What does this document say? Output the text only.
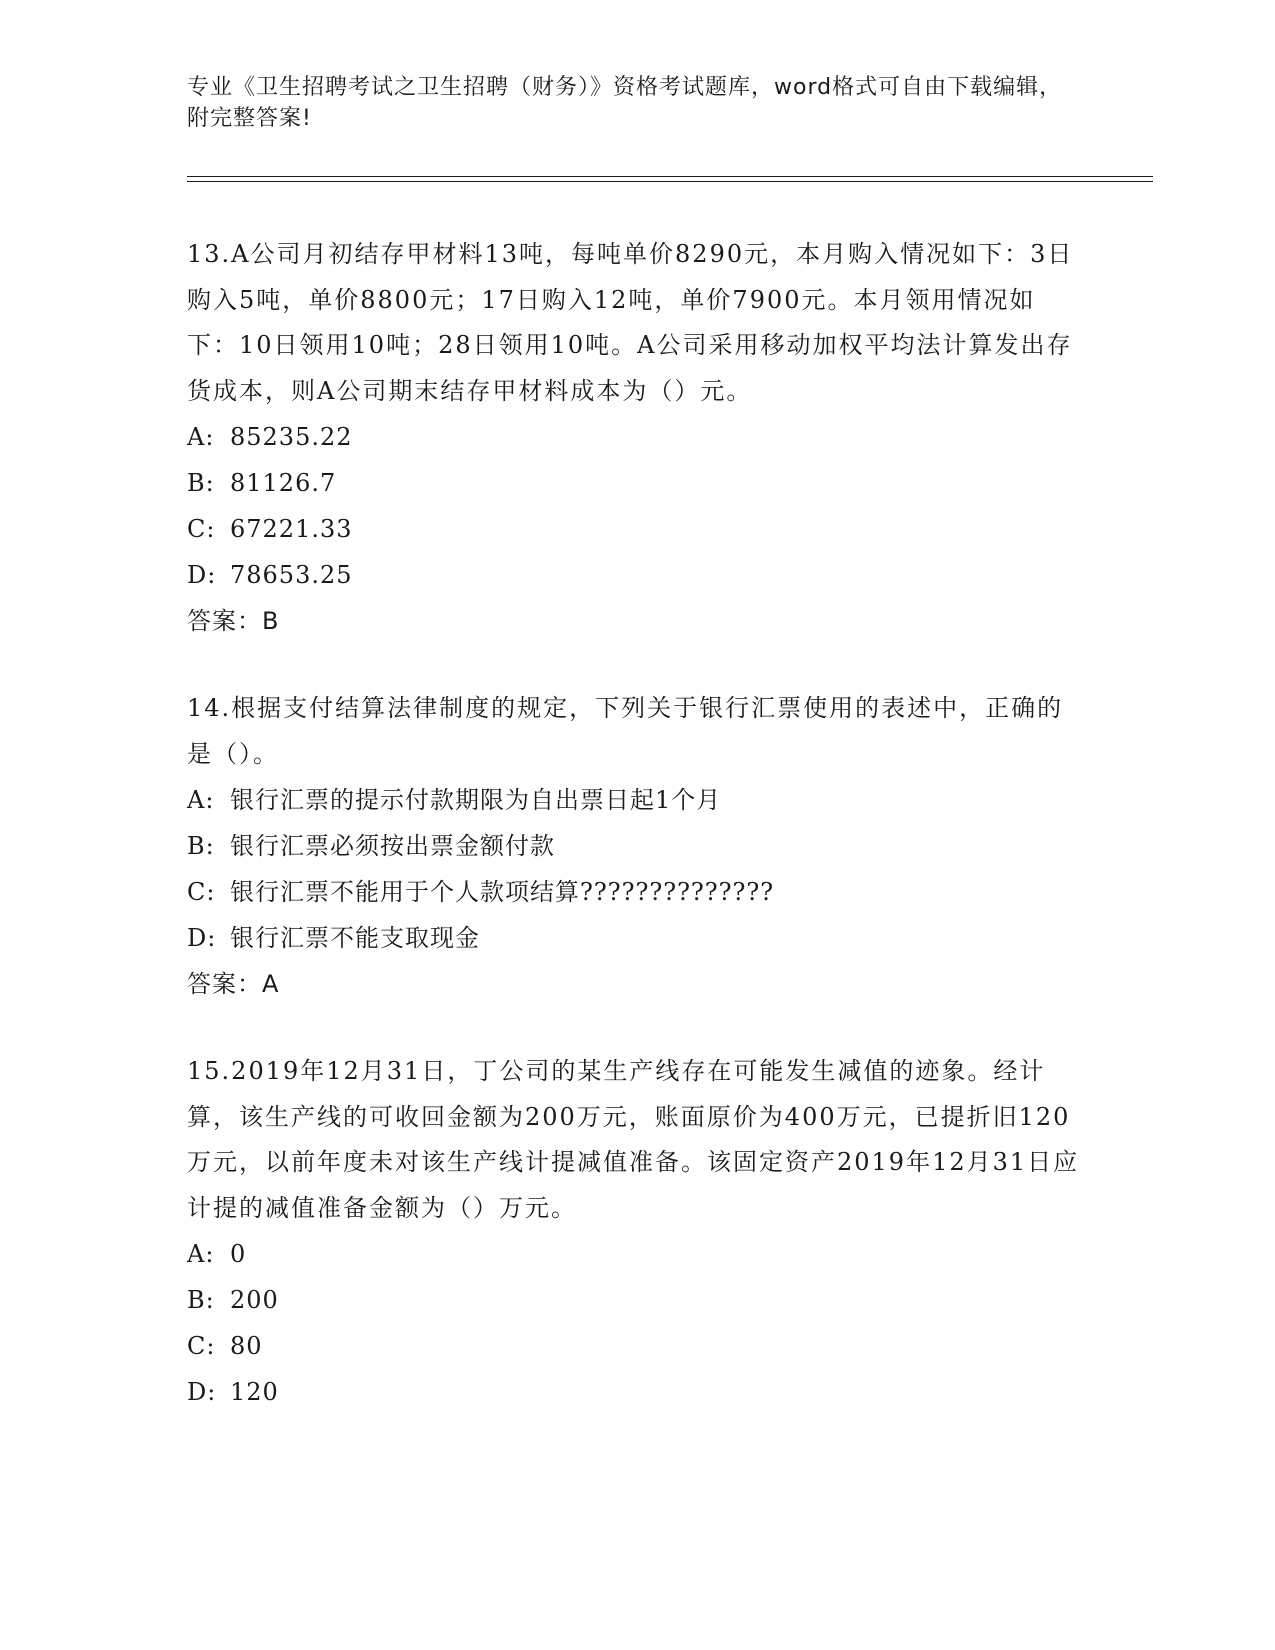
专业《卫生招聘考试之卫生招聘（财务）》资格考试题库，word格式可自由下载编辑，附完整答案!

13.A公司月初结存甲材料13吨，每吨单价8290元，本月购入情况如下：3日购入5吨，单价8800元；17日购入12吨，单价7900元。本月领用情况如下：10日领用10吨；28日领用10吨。A公司采用移动加权平均法计算发出存货成本，则A公司期末结存甲材料成本为（）元。

A: 85235.22

B: 81126.7

C: 67221.33

D: 78653.25

答案：B

14.根据支付结算法律制度的规定，下列关于银行汇票使用的表述中，正确的是（）。

A: 银行汇票的提示付款期限为自出票日起1个月

B: 银行汇票必须按出票金额付款

C: 银行汇票不能用于个人款项结算??????????????

D: 银行汇票不能支取现金

答案：A

15.2019年12月31日，丁公司的某生产线存在可能发生减值的迹象。经计算，该生产线的可收回金额为200万元，账面原价为400万元，已提折旧120万元，以前年度未对该生产线计提减值准备。该固定资产2019年12月31日应计提的减值准备金额为（）万元。

A: 0

B: 200

C: 80

D: 120
